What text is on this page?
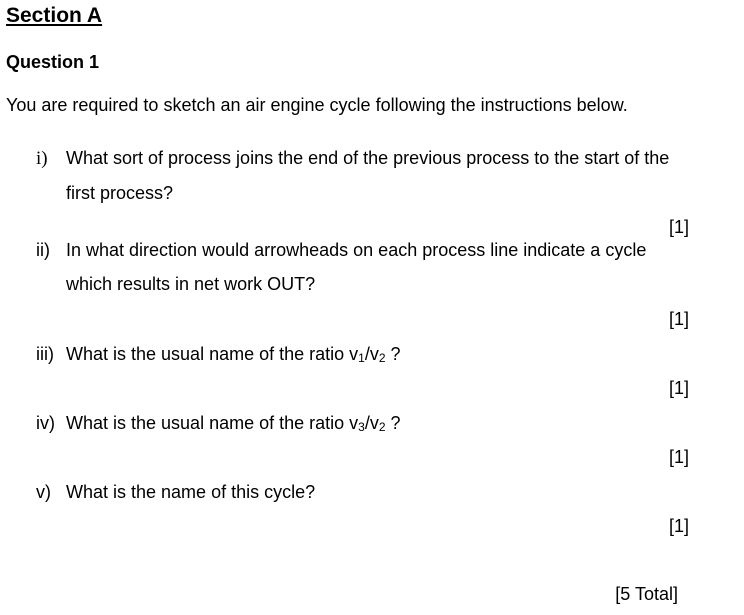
Section A
Question 1
You are required to sketch an air engine cycle following the instructions below.
i) What sort of process joins the end of the previous process to the start of the
first process?
[1]
ii) In what direction would arrowheads on each process line indicate a cycle
which results in net work OUT?
[1]
iii) What is the usual name of the ratio $v_1/v_2$ ?
[1]
iv) What is the usual name of the ratio $v_3/v_2$ ?
[1]
v) What is the name of this cycle?
[1]
[5 Total]
